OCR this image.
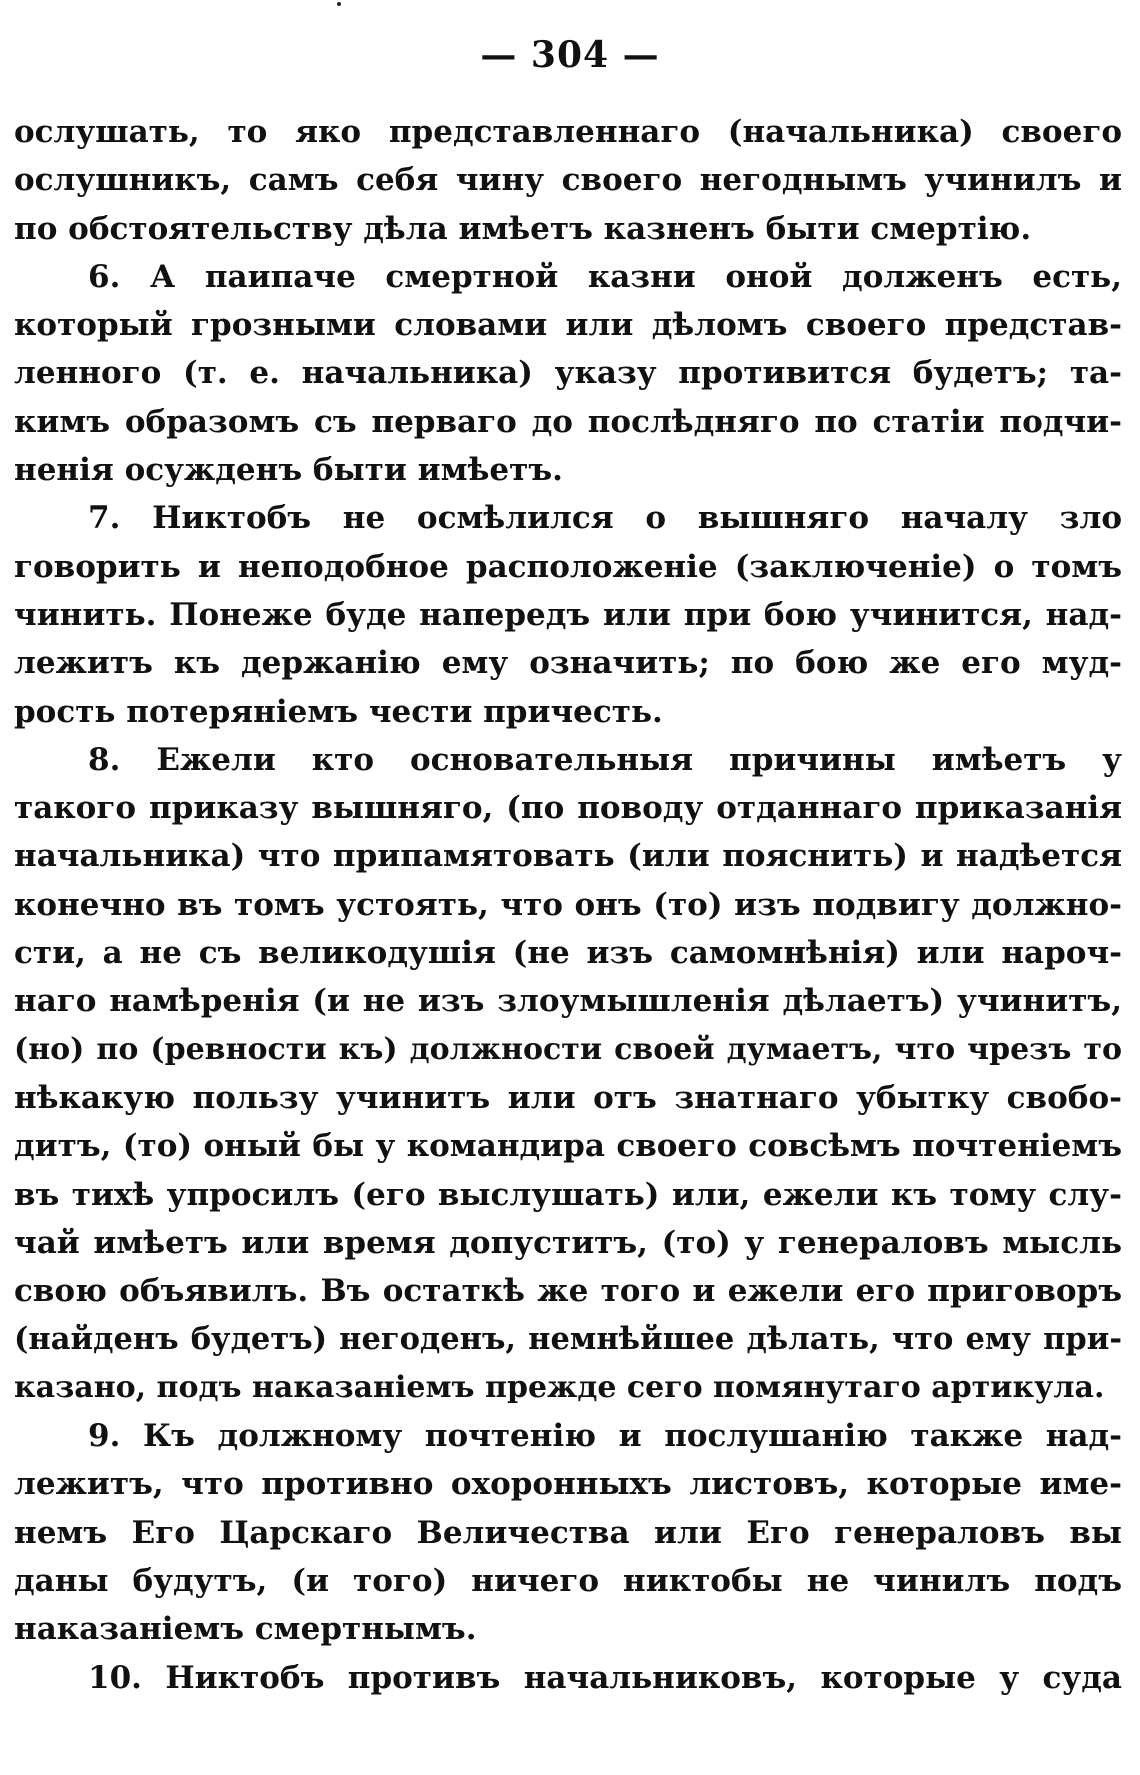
— 304 —
ослушать, то яко представленнаго (начальника) своего
ослушникъ, самъ себя чину своего негоднымъ учинилъ и
по обстоятельству дѣла имѣетъ казненъ быти смертію.
6. А паипаче смертной казни оной долженъ есть,
который грозными словами или дѣломъ своего представ-
ленного (т. е. начальника) указу противится будетъ; та-
кимъ образомъ съ перваго до послѣдняго по статіи подчи-
ненія осужденъ быти имѣетъ.
7. Никтобъ не осмѣлился о вышняго началу зло
говорить и неподобное расположеніе (заключеніе) о томъ
чинить. Понеже буде напередъ или при бою учинится, над-
лежитъ къ держанію ему означить; по бою же его муд-
рость потеряніемъ чести причесть.
8. Ежели кто основательныя причины имѣетъ у
такого приказу вышняго, (по поводу отданнаго приказанія
начальника) что припамятовать (или пояснить) и надѣется
конечно въ томъ устоять, что онъ (то) изъ подвигу должно-
сти, а не съ великодушія (не изъ самомнѣнія) или нароч-
наго намѣренія (и не изъ злоумышленія дѣлаетъ) учинитъ,
(но) по (ревности къ) должности своей думаетъ, что чрезъ то
нѣкакую пользу учинитъ или отъ знатнаго убытку свобо-
дитъ, (то) оный бы у командира своего совсѣмъ почтеніемъ
въ тихѣ упросилъ (его выслушать) или, ежели къ тому слу-
чай имѣетъ или время допуститъ, (то) у генераловъ мысль
свою объявилъ. Въ остаткѣ же того и ежели его приговоръ
(найденъ будетъ) негоденъ, немнѣйшее дѣлать, что ему при-
казано, подъ наказаніемъ прежде сего помянутаго артикула.
9. Къ должному почтенію и послушанію также над-
лежитъ, что противно охоронныхъ листовъ, которые име-
немъ Его Царскаго Величества или Его генераловъ вы
даны будутъ, (и того) ничего никтобы не чинилъ подъ
наказаніемъ смертнымъ.
10. Никтобъ противъ начальниковъ, которые у суда
